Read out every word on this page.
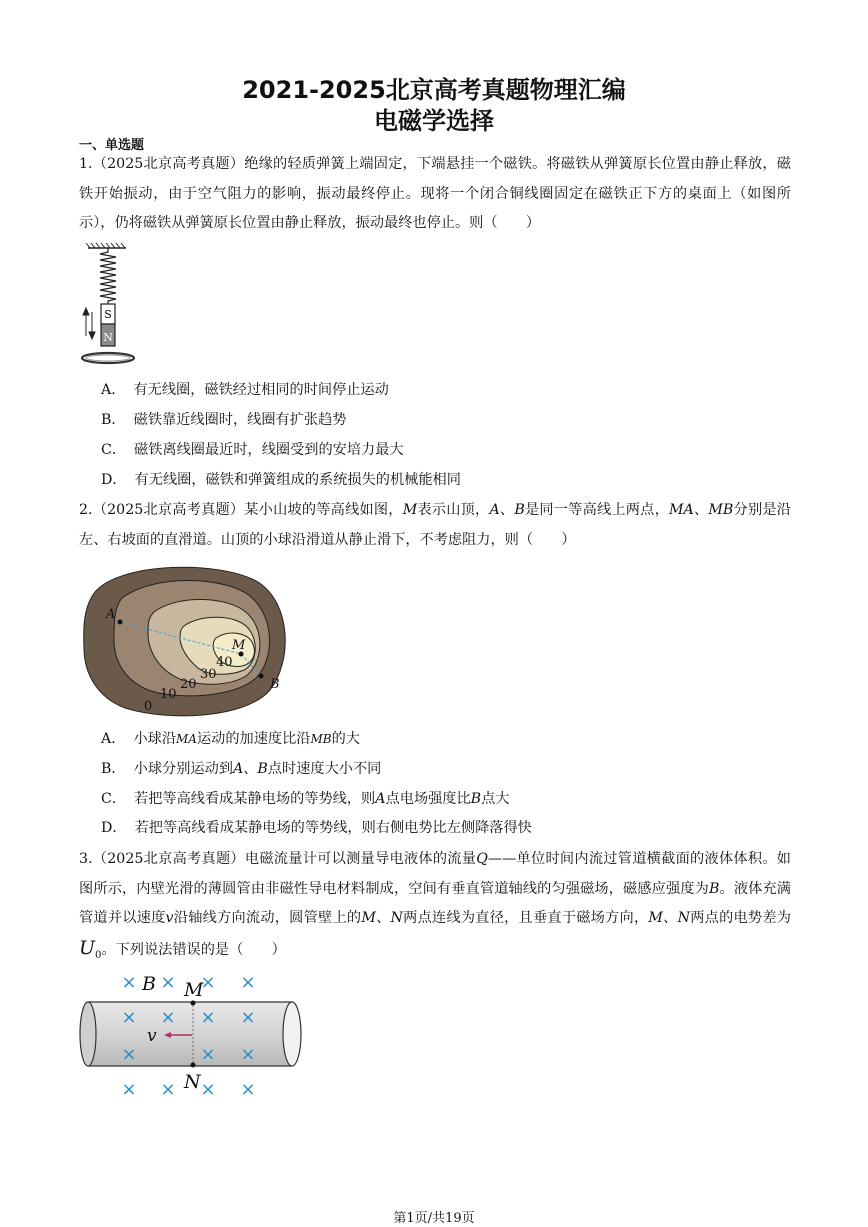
2021-2025北京高考真题物理汇编
电磁学选择
一、单选题
1.（2025北京高考真题）绝缘的轻质弹簧上端固定，下端悬挂一个磁铁。将磁铁从弹簧原长位置由静止释放，磁铁开始振动，由于空气阻力的影响，振动最终停止。现将一个闭合铜线圈固定在磁铁正下方的桌面上（如图所示），仍将磁铁从弹簧原长位置由静止释放，振动最终也停止。则（　　）
S
N
A． 有无线圈，磁铁经过相同的时间停止运动
B． 磁铁靠近线圈时，线圈有扩张趋势
C． 磁铁离线圈最近时，线圈受到的安培力最大
D． 有无线圈，磁铁和弹簧组成的系统损失的机械能相同
2.（2025北京高考真题）某小山坡的等高线如图，M表示山顶，A、B是同一等高线上两点，MA、MB分别是沿左、右坡面的直滑道。山顶的小球沿滑道从静止滑下，不考虑阻力，则（　　）
A
M
B
40
30
20
10
0
A． 小球沿MA运动的加速度比沿MB的大
B． 小球分别运动到A、B点时速度大小不同
C． 若把等高线看成某静电场的等势线，则A点电场强度比B点大
D． 若把等高线看成某静电场的等势线，则右侧电势比左侧降落得快
3.（2025北京高考真题）电磁流量计可以测量导电液体的流量Q——单位时间内流过管道横截面的液体体积。如图所示，内壁光滑的薄圆管由非磁性导电材料制成，空间有垂直管道轴线的匀强磁场，磁感应强度为B。液体充满管道并以速度v沿轴线方向流动，圆管壁上的M、N两点连线为直径，且垂直于磁场方向，M、N两点的电势差为$U_0$。下列说法错误的是（　　）
× × × ×
× × × ×
×	× ×
× × × ×
B M
N
v
第1页/共19页
